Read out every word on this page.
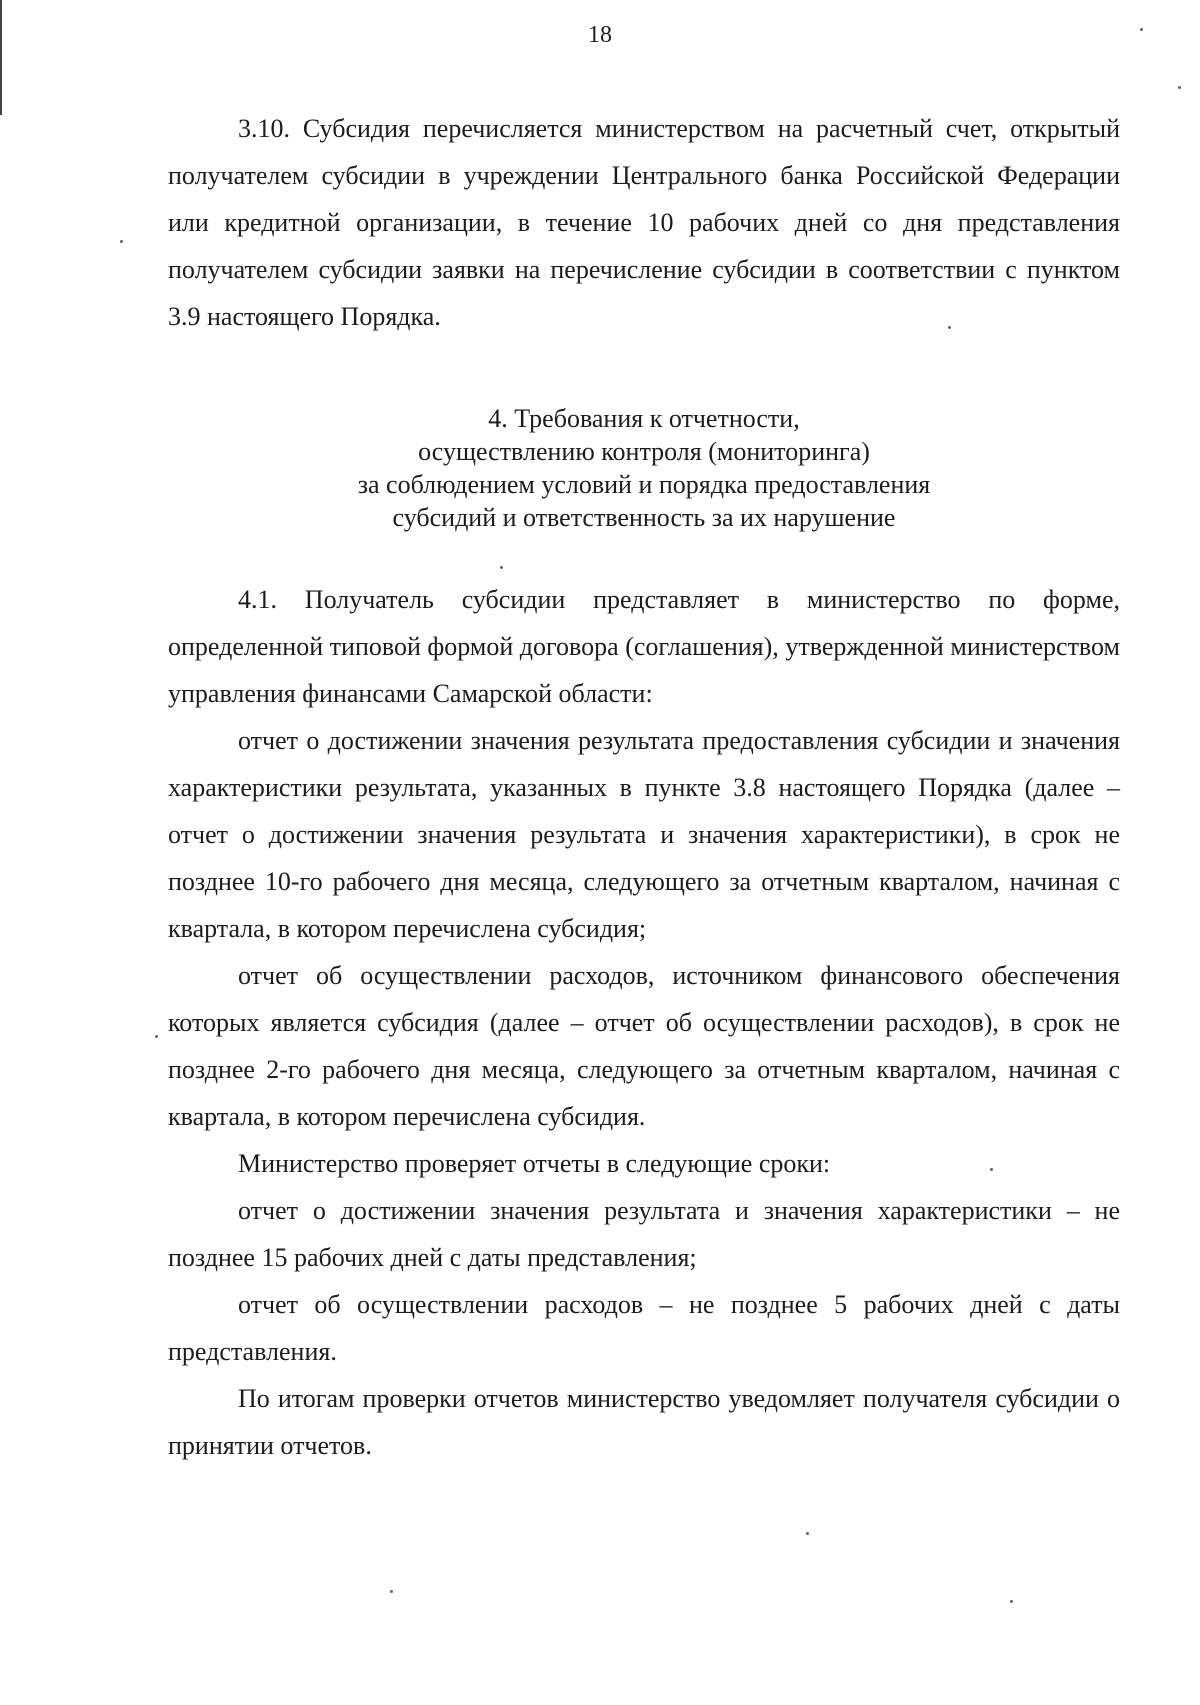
18

3.10. Субсидия перечисляется министерством на расчетный счет, открытый получателем субсидии в учреждении Центрального банка Российской Федерации или кредитной организации, в течение 10 рабочих дней со дня представления получателем субсидии заявки на перечисление субсидии в соответствии с пунктом 3.9 настоящего Порядка.

4. Требования к отчетности,
осуществлению контроля (мониторинга)
за соблюдением условий и порядка предоставления
субсидий и ответственность за их нарушение

4.1. Получатель субсидии представляет в министерство по форме, определенной типовой формой договора (соглашения), утвержденной министерством управления финансами Самарской области:

отчет о достижении значения результата предоставления субсидии и значения характеристики результата, указанных в пункте 3.8 настоящего Порядка (далее – отчет о достижении значения результата и значения характеристики), в срок не позднее 10-го рабочего дня месяца, следующего за отчетным кварталом, начиная с квартала, в котором перечислена субсидия;

отчет об осуществлении расходов, источником финансового обеспечения которых является субсидия (далее – отчет об осуществлении расходов), в срок не позднее 2-го рабочего дня месяца, следующего за отчетным кварталом, начиная с квартала, в котором перечислена субсидия.

Министерство проверяет отчеты в следующие сроки:

отчет о достижении значения результата и значения характеристики – не позднее 15 рабочих дней с даты представления;

отчет об осуществлении расходов – не позднее 5 рабочих дней с даты представления.

По итогам проверки отчетов министерство уведомляет получателя субсидии о принятии отчетов.
